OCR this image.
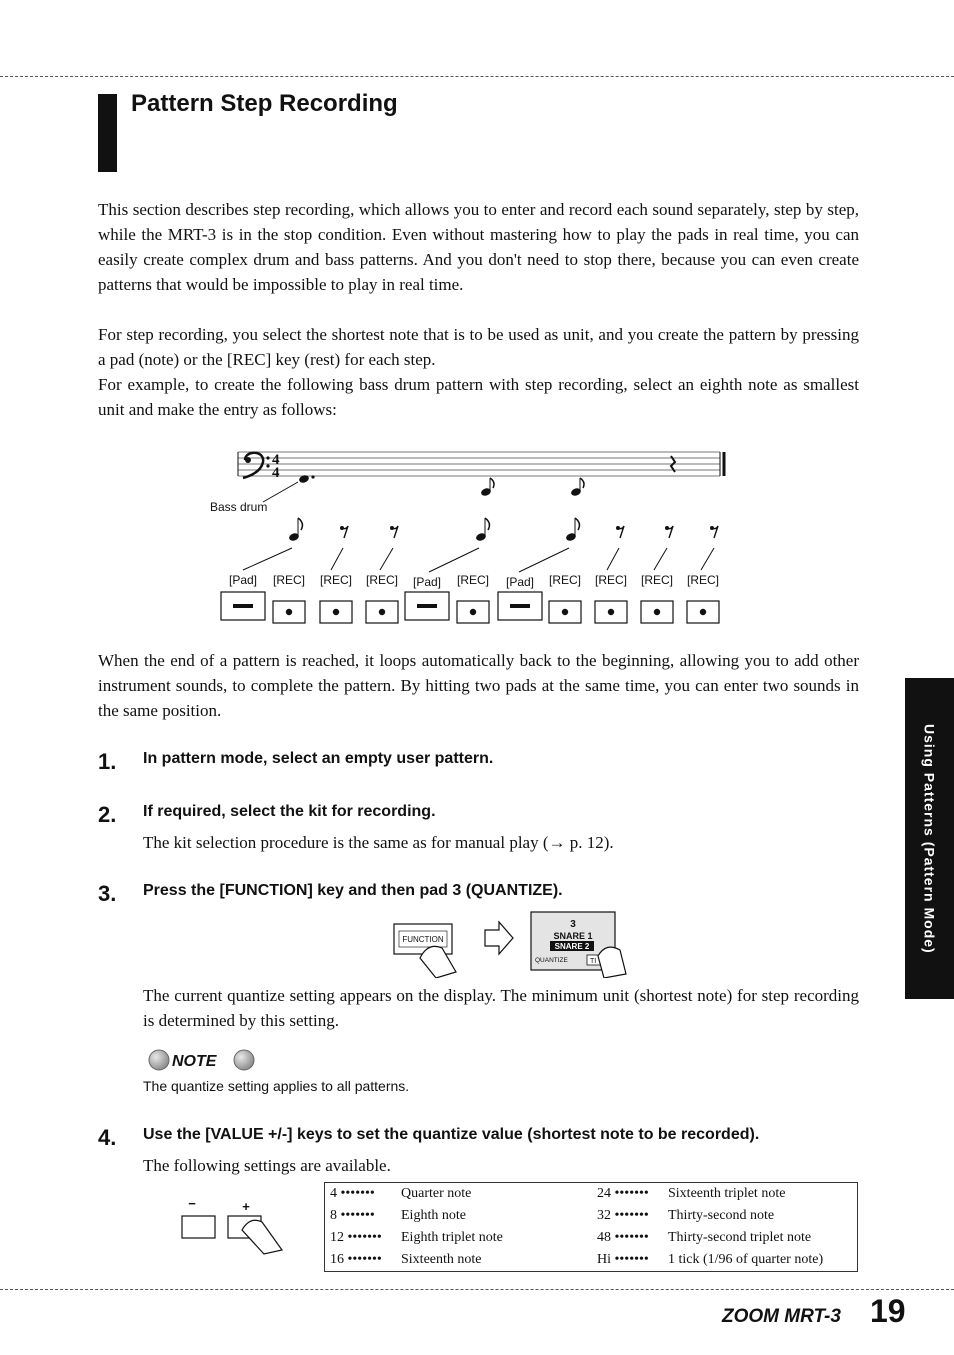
Pattern Step Recording

This section describes step recording, which allows you to enter and record each sound separately, step by step, while the MRT-3 is in the stop condition. Even without mastering how to play the pads in real time, you can easily create complex drum and bass patterns. And you don't need to stop there, because you can even create patterns that would be impossible to play in real time.

For step recording, you select the shortest note that is to be used as unit, and you create the pattern by pressing a pad (note) or the [REC] key (rest) for each step.

For example, to create the following bass drum pattern with step recording, select an eighth note as smallest unit and make the entry as follows:

4
4
Bass drum
[Pad] [REC] [REC] [REC] [Pad] [REC] [Pad] [REC] [REC] [REC] [REC]

When the end of a pattern is reached, it loops automatically back to the beginning, allowing you to add other instrument sounds, to complete the pattern. By hitting two pads at the same time, you can enter two sounds in the same position.

1. In pattern mode, select an empty user pattern.
2. If required, select the kit for recording.
The kit selection procedure is the same as for manual play (→ p. 12).
3. Press the [FUNCTION] key and then pad 3 (QUANTIZE).
FUNCTION
3
SNARE 1
SNARE 2
QUANTIZE	TI

The current quantize setting appears on the display. The minimum unit (shortest note) for step recording is determined by this setting.

NOTE
The quantize setting applies to all patterns.
4. Use the [VALUE +/-] keys to set the quantize value (shortest note to be recorded).
The following settings are available.
−	+
4 ••••••• Quarter note
8 ••••••• Eighth note
12 ••••••• Eighth triplet note
16 ••••••• Sixteenth note
24 ••••••• Sixteenth triplet note
32 ••••••• Thirty-second note
48 ••••••• Thirty-second triplet note
Hi ••••••• 1 tick (1/96 of quarter note)
Using Patterns (Pattern Mode)
ZOOM MRT-3 19
